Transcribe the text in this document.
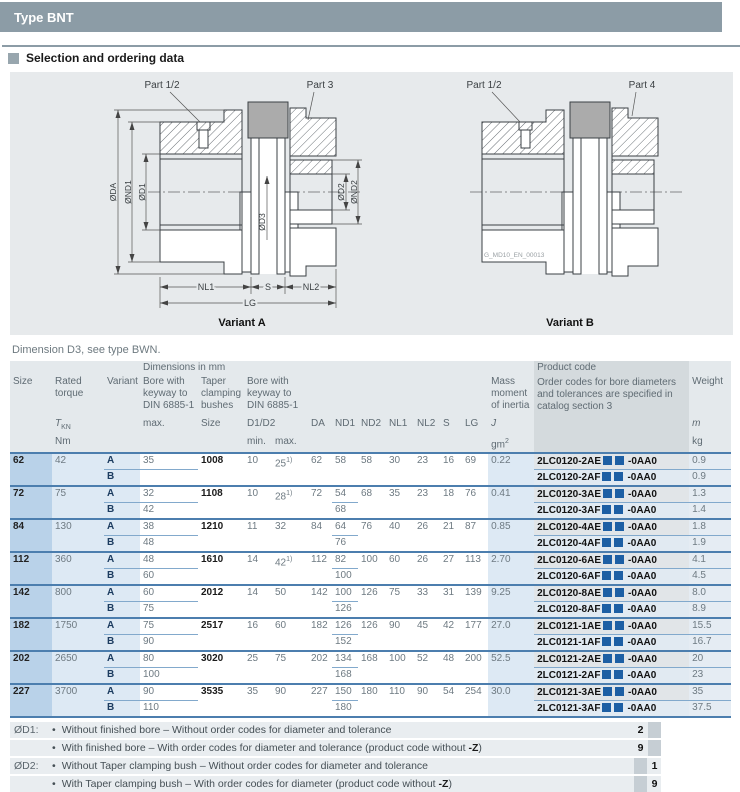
Type BNT
Selection and ordering data
Part 1/2	Part 3
ØDA ØND1 ØD1	ØD2 ØND2
ØD3
NL1	S	NL2
LG
Variant A
Part 1/2	Part 4
G_MD10_EN_00013
Variant B
Dimension D3, see type BWN.
			Dimensions in mm												Product code
Order codes for bore diameters and tolerances are specified in catalog section 3	

Size	Rated torque	Variant	Bore with keyway to DIN 6885-1	Taper clamping bushes	Bore with keyway to DIN 6885-1									Mass moment of inertia		Weight
	$T_{KN}$		max.	Size	D1/D2		DA	ND1	ND2	NL1	NL2	S	LG	J		m
	Nm				min.	max.								$gm^2$		kg
62	42	A	35	1008	10	25$^{1)}$	62	58	58	30	23	16	69	0.22	2LC0120-2AE -0AA0	0.9
		B													2LC0120-2AF -0AA0	0.9
72	75	A	32	1108	10	28$^{1)}$	72	54	68	35	23	18	76	0.41	2LC0120-3AE -0AA0	1.3
		B	42					68							2LC0120-3AF -0AA0	1.4
84	130	A	38	1210	11	32	84	64	76	40	26	21	87	0.85	2LC0120-4AE -0AA0	1.8
		B	48					76							2LC0120-4AF -0AA0	1.9
112	360	A	48	1610	14	42$^{1)}$	112	82	100	60	26	27	113	2.70	2LC0120-6AE -0AA0	4.1
		B	60					100							2LC0120-6AF -0AA0	4.5
142	800	A	60	2012	14	50	142	100	126	75	33	31	139	9.25	2LC0120-8AE -0AA0	8.0
		B	75					126							2LC0120-8AF -0AA0	8.9
182	1750	A	75	2517	16	60	182	126	126	90	45	42	177	27.0	2LC0121-1AE -0AA0	15.5
		B	90					152							2LC0121-1AF -0AA0	16.7
202	2650	A	80	3020	25	75	202	134	168	100	52	48	200	52.5	2LC0121-2AE -0AA0	20
		B	100					168							2LC0121-2AF -0AA0	23
227	3700	A	90	3535	35	90	227	150	180	110	90	54	254	30.0	2LC0121-3AE -0AA0	35
		B	110					180							2LC0121-3AF -0AA0	37.5
ØD1:	• Without finished bore – Without order codes for diameter and tolerance	2
• With finished bore – With order codes for diameter and tolerance (product code without -Z)	9
ØD2:	• Without Taper clamping bush – Without order codes for diameter and tolerance	1
• With Taper clamping bush – With order codes for diameter (product code without -Z)	9
